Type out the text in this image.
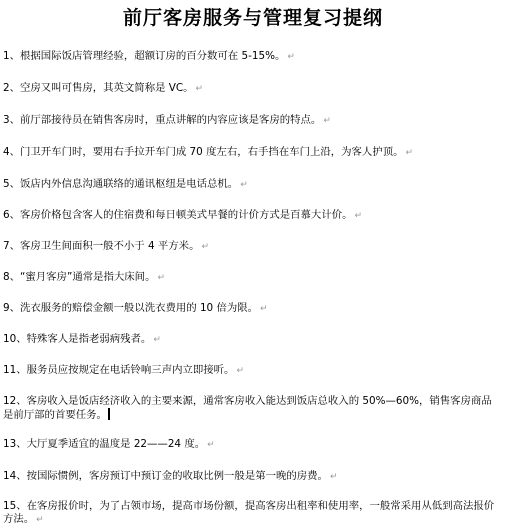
前厅客房服务与管理复习提纲
1、根据国际饭店管理经验，超额订房的百分数可在 5-15%。 ↵
2、空房又叫可售房，其英文简称是 VC。 ↵
3、前厅部接待员在销售客房时，重点讲解的内容应该是客房的特点。 ↵
4、门卫开车门时，要用右手拉开车门成 70 度左右，右手挡在车门上沿，为客人护顶。 ↵
5、饭店内外信息沟通联络的通讯枢纽是电话总机。 ↵
6、客房价格包含客人的住宿费和每日顿美式早餐的计价方式是百慕大计价。 ↵
7、客房卫生间面积一般不小于 4 平方米。 ↵
8、“蜜月客房”通常是指大床间。 ↵
9、洗衣服务的赔偿金额一般以洗衣费用的 10 倍为限。 ↵
10、特殊客人是指老弱病残者。 ↵
11、服务员应按规定在电话铃响三声内立即接听。 ↵
12、客房收入是饭店经济收入的主要来源，通常客房收入能达到饭店总收入的 50%—60%，销售客房商品是前厅部的首要任务。
13、大厅夏季适宜的温度是 22——24 度。 ↵
14、按国际惯例，客房预订中预订金的收取比例一般是第一晚的房费。 ↵
15、在客房报价时，为了占领市场，提高市场份额，提高客房出租率和使用率，一般常采用从低到高法报价方法。 ↵
